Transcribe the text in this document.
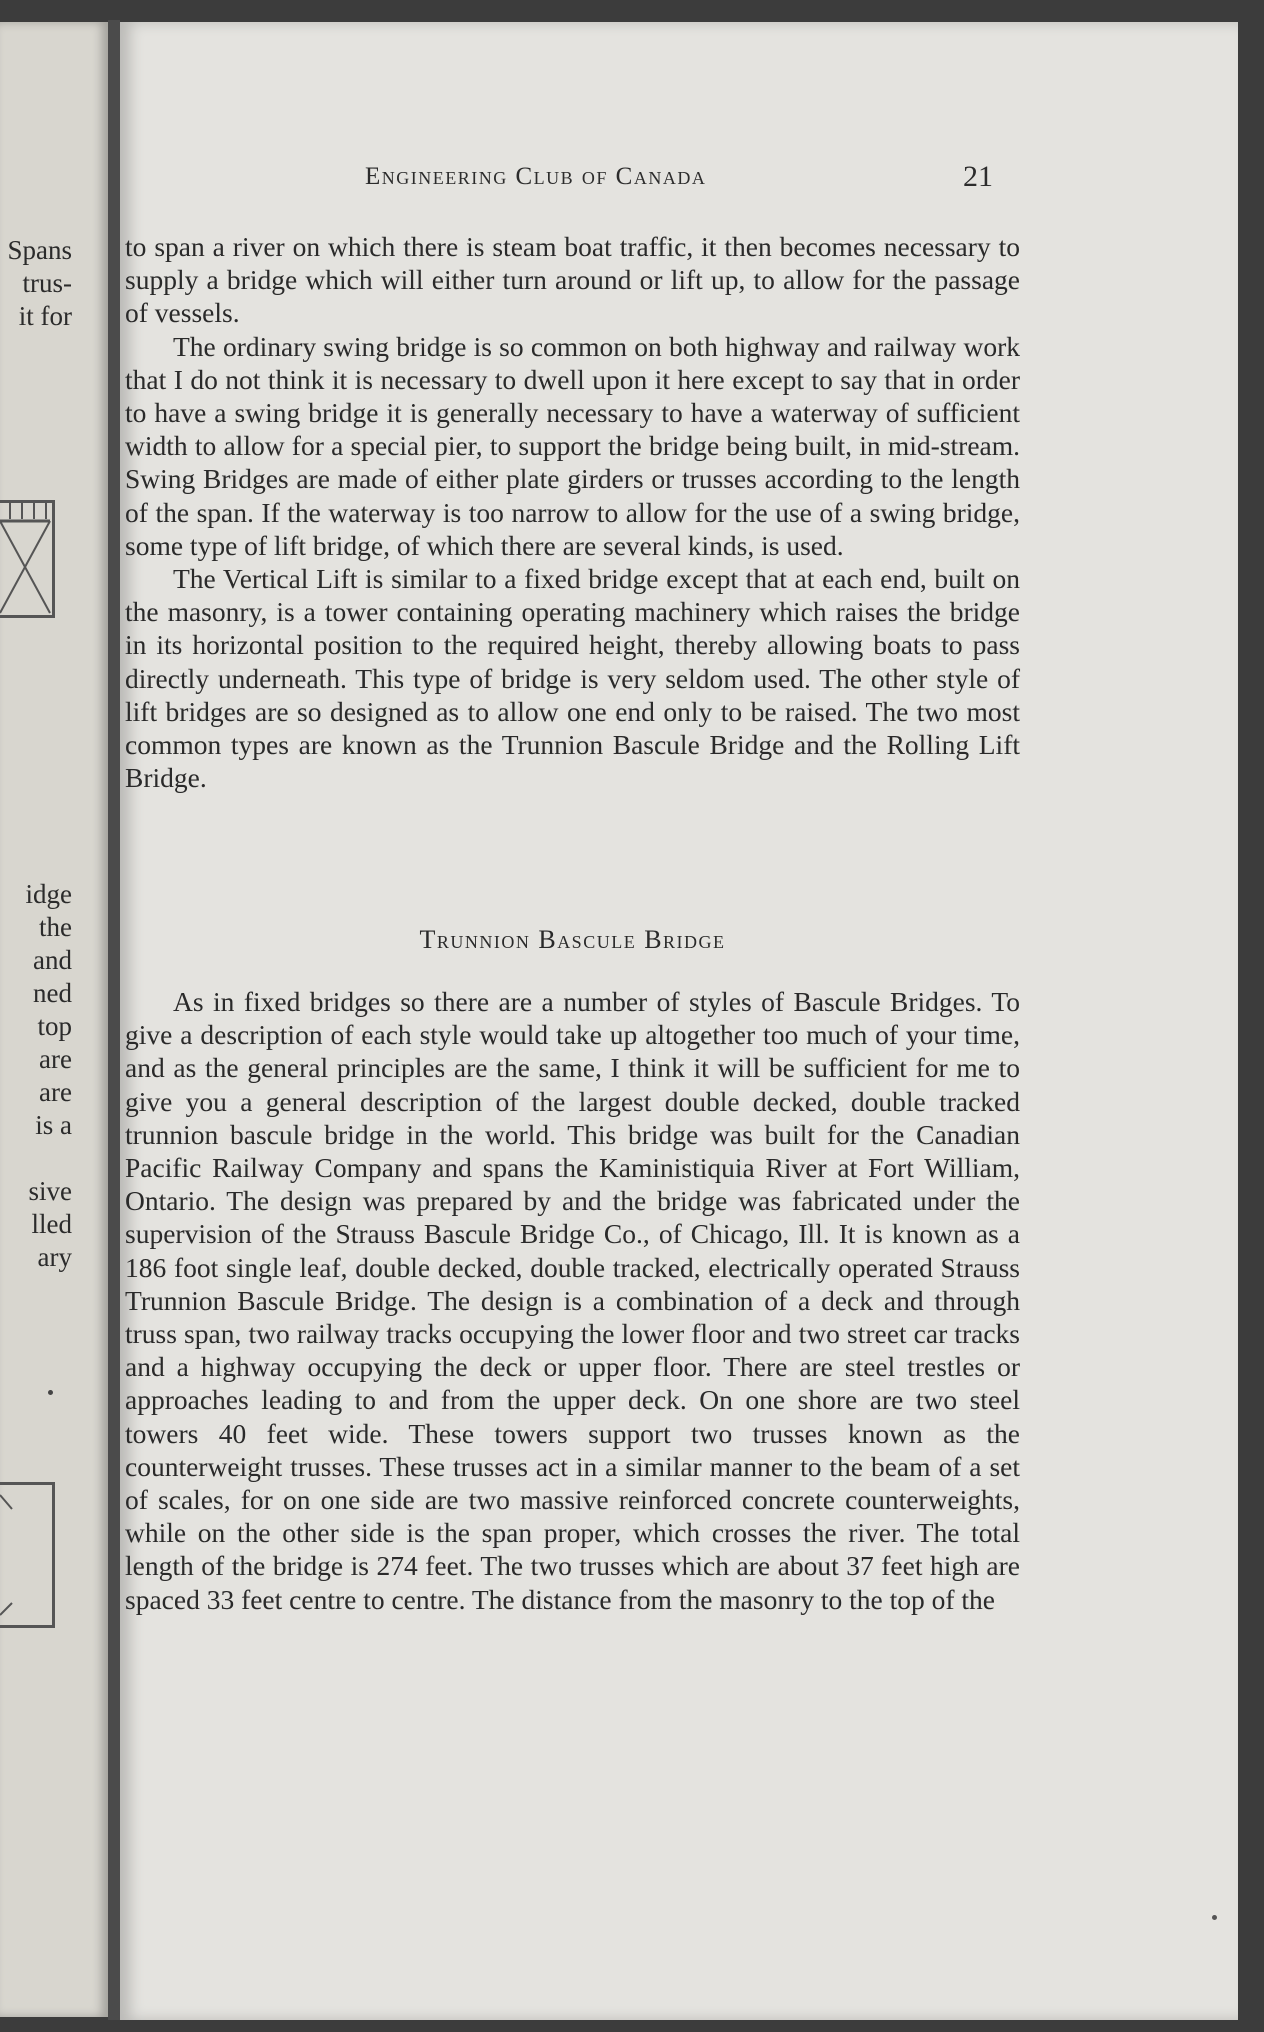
Spans
trus-
it for
idge
the
and
ned
top
are
are
is a

sive
lled
ary
Engineering Club of Canada	21

to span a river on which there is steam boat traffic, it then becomes necessary to supply a bridge which will either turn around or lift up, to allow for the passage of vessels.

The ordinary swing bridge is so common on both highway and railway work that I do not think it is necessary to dwell upon it here except to say that in order to have a swing bridge it is generally necessary to have a waterway of sufficient width to allow for a special pier, to support the bridge being built, in mid-stream. Swing Bridges are made of either plate girders or trusses according to the length of the span. If the waterway is too narrow to allow for the use of a swing bridge, some type of lift bridge, of which there are several kinds, is used.

The Vertical Lift is similar to a fixed bridge except that at each end, built on the masonry, is a tower containing operating machinery which raises the bridge in its horizontal position to the required height, thereby allowing boats to pass directly underneath. This type of bridge is very seldom used. The other style of lift bridges are so designed as to allow one end only to be raised. The two most common types are known as the Trunnion Bascule Bridge and the Rolling Lift Bridge.

Trunnion Bascule Bridge

As in fixed bridges so there are a number of styles of Bascule Bridges. To give a description of each style would take up altogether too much of your time, and as the general principles are the same, I think it will be sufficient for me to give you a general description of the largest double decked, double tracked trunnion bascule bridge in the world. This bridge was built for the Canadian Pacific Railway Company and spans the Kaministiquia River at Fort William, Ontario. The design was prepared by and the bridge was fabricated under the supervision of the Strauss Bascule Bridge Co., of Chicago, Ill. It is known as a 186 foot single leaf, double decked, double tracked, electrically operated Strauss Trunnion Bascule Bridge. The design is a combination of a deck and through truss span, two railway tracks occupying the lower floor and two street car tracks and a highway occupying the deck or upper floor. There are steel trestles or approaches leading to and from the upper deck. On one shore are two steel towers 40 feet wide. These towers support two trusses known as the counterweight trusses. These trusses act in a similar manner to the beam of a set of scales, for on one side are two massive reinforced concrete counterweights, while on the other side is the span proper, which crosses the river. The total length of the bridge is 274 feet. The two trusses which are about 37 feet high are spaced 33 feet centre to centre. The distance from the masonry to the top of the
